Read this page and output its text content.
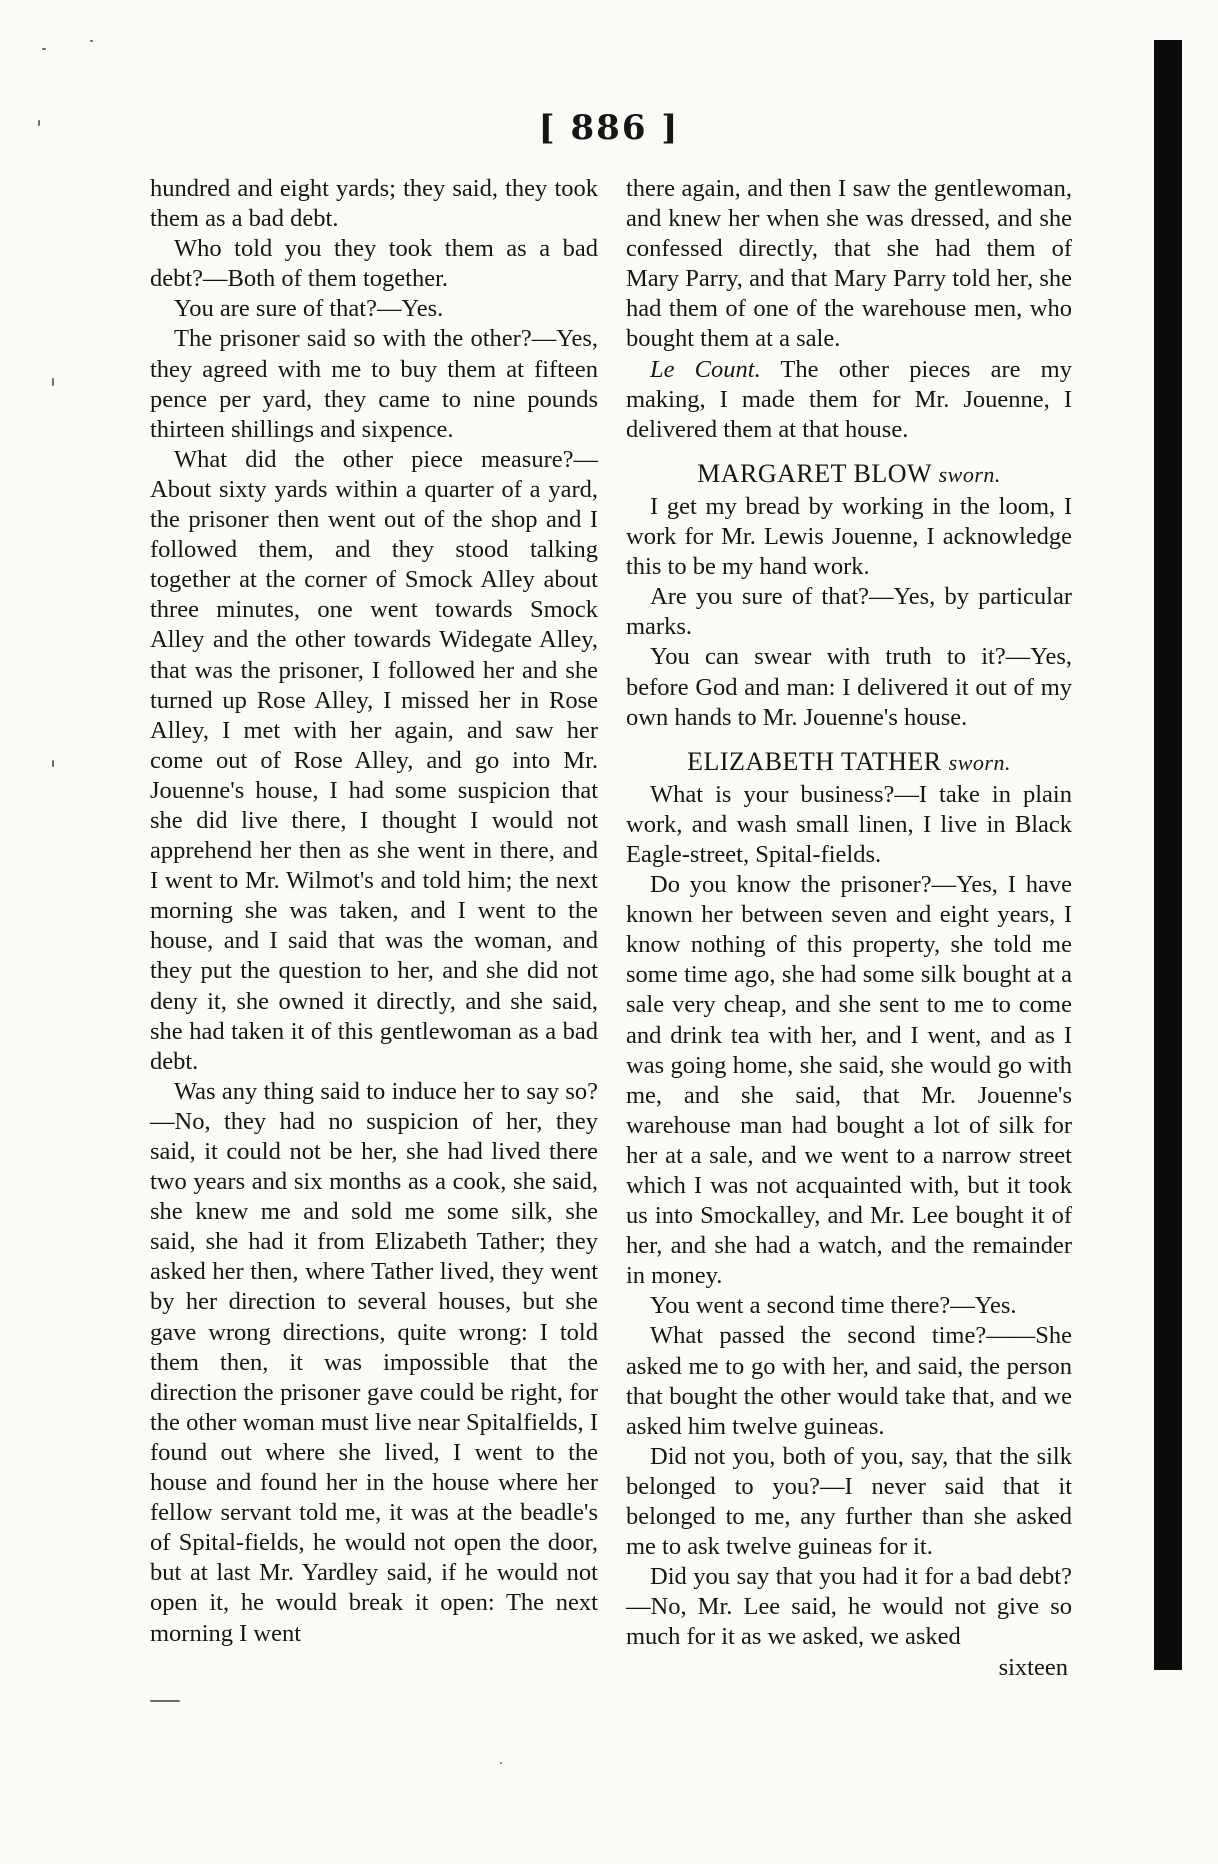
[ 886 ]

hundred and eight yards; they said, they took them as a bad debt.

Who told you they took them as a bad debt?—Both of them together.

You are sure of that?—Yes.

The prisoner said so with the other?—Yes, they agreed with me to buy them at fifteen pence per yard, they came to nine pounds thirteen shillings and sixpence.

What did the other piece measure?—About sixty yards within a quarter of a yard, the prisoner then went out of the shop and I followed them, and they stood talking together at the corner of Smock Alley about three minutes, one went towards Smock Alley and the other towards Widegate Alley, that was the prisoner, I followed her and she turned up Rose Alley, I missed her in Rose Alley, I met with her again, and saw her come out of Rose Alley, and go into Mr. Jouenne's house, I had some suspicion that she did live there, I thought I would not apprehend her then as she went in there, and I went to Mr. Wilmot's and told him; the next morning she was taken, and I went to the house, and I said that was the woman, and they put the question to her, and she did not deny it, she owned it directly, and she said, she had taken it of this gentlewoman as a bad debt.

Was any thing said to induce her to say so?—No, they had no suspicion of her, they said, it could not be her, she had lived there two years and six months as a cook, she said, she knew me and sold me some silk, she said, she had it from Elizabeth Tather; they asked her then, where Tather lived, they went by her direction to several houses, but she gave wrong directions, quite wrong: I told them then, it was impossible that the direction the prisoner gave could be right, for the other woman must live near Spitalfields, I found out where she lived, I went to the house and found her in the house where her fellow servant told me, it was at the beadle's of Spital-fields, he would not open the door, but at last Mr. Yardley said, if he would not open it, he would break it open: The next morning I went

there again, and then I saw the gentlewoman, and knew her when she was dressed, and she confessed directly, that she had them of Mary Parry, and that Mary Parry told her, she had them of one of the warehouse men, who bought them at a sale.

Le Count. The other pieces are my making, I made them for Mr. Jouenne, I delivered them at that house.

MARGARET BLOW sworn.

I get my bread by working in the loom, I work for Mr. Lewis Jouenne, I acknowledge this to be my hand work.

Are you sure of that?—Yes, by particular marks.

You can swear with truth to it?—Yes, before God and man: I delivered it out of my own hands to Mr. Jouenne's house.

ELIZABETH TATHER sworn.

What is your business?—I take in plain work, and wash small linen, I live in Black Eagle-street, Spital-fields.

Do you know the prisoner?—Yes, I have known her between seven and eight years, I know nothing of this property, she told me some time ago, she had some silk bought at a sale very cheap, and she sent to me to come and drink tea with her, and I went, and as I was going home, she said, she would go with me, and she said, that Mr. Jouenne's warehouse man had bought a lot of silk for her at a sale, and we went to a narrow street which I was not acquainted with, but it took us into Smockalley, and Mr. Lee bought it of her, and she had a watch, and the remainder in money.

You went a second time there?—Yes.

What passed the second time?——She asked me to go with her, and said, the person that bought the other would take that, and we asked him twelve guineas.

Did not you, both of you, say, that the silk belonged to you?—I never said that it belonged to me, any further than she asked me to ask twelve guineas for it.

Did you say that you had it for a bad debt?—No, Mr. Lee said, he would not give so much for it as we asked, we asked

sixteen
